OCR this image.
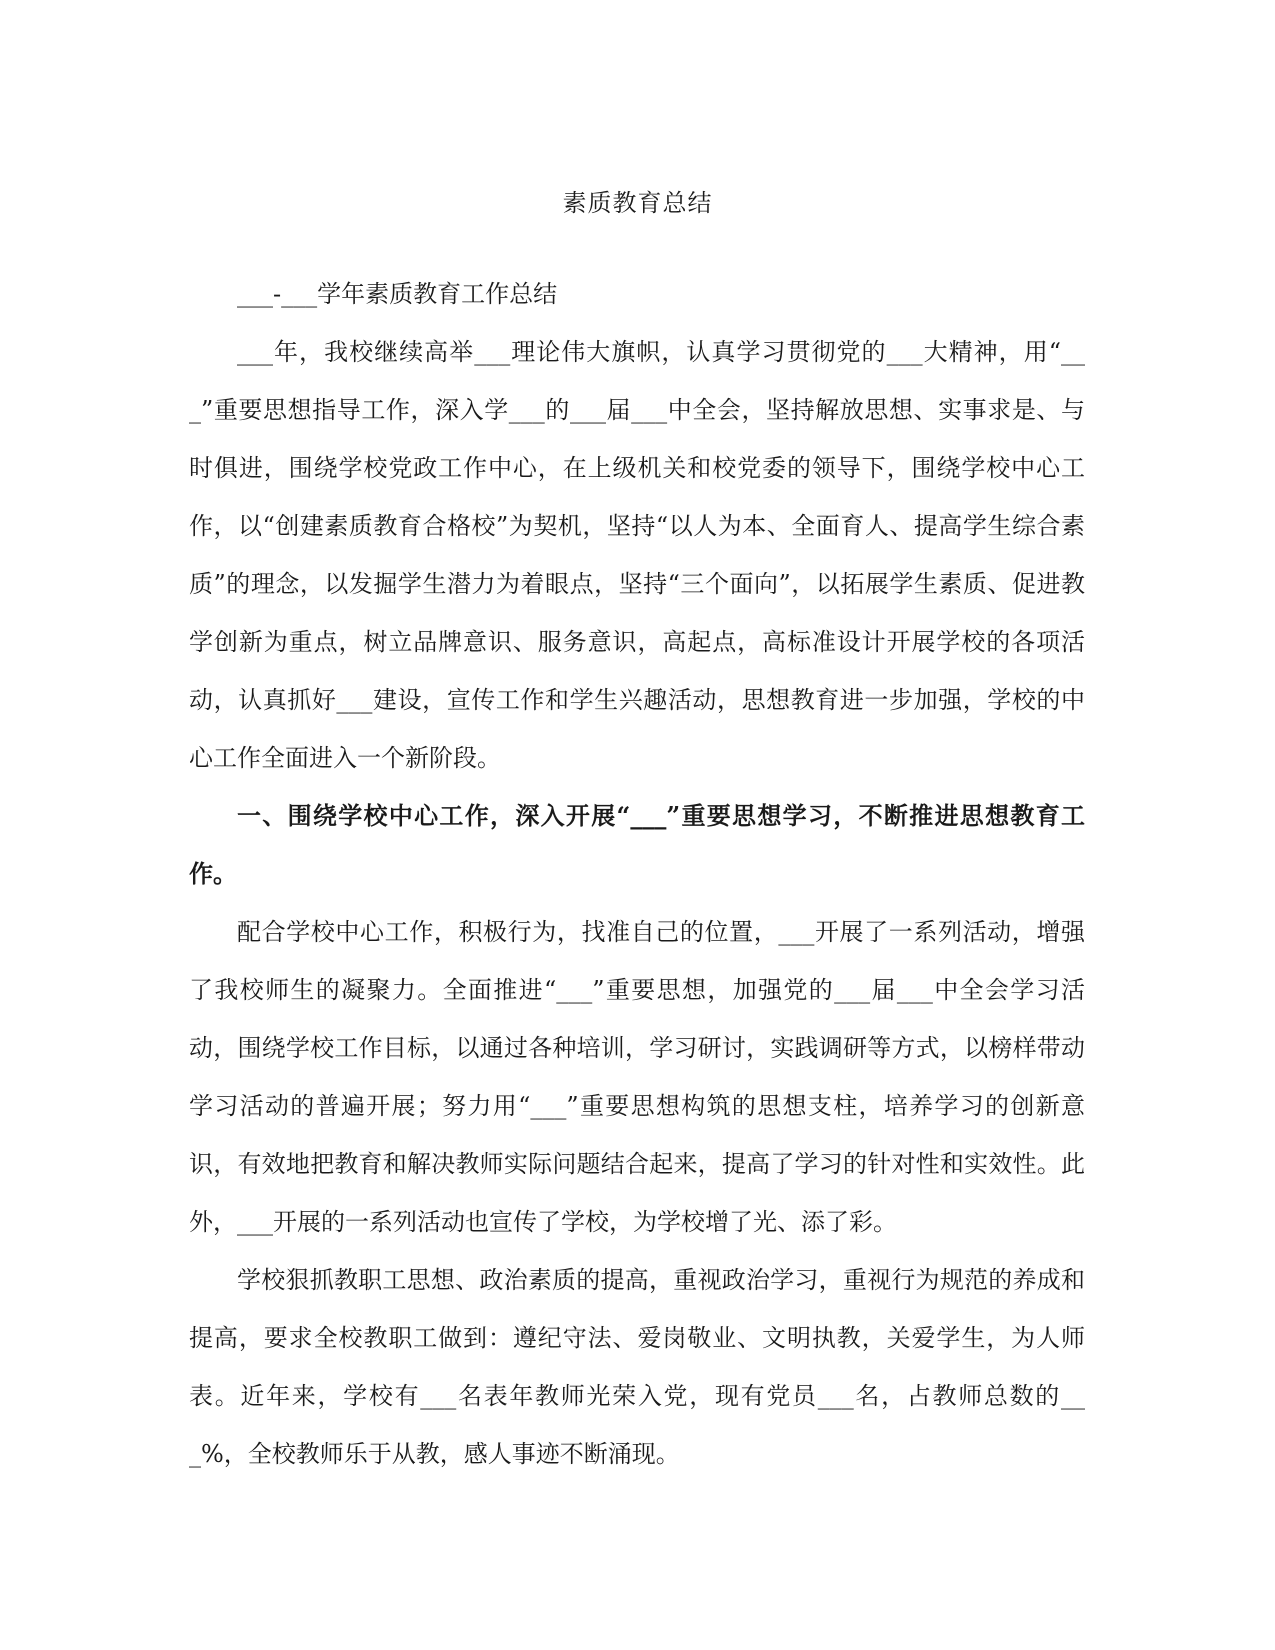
素质教育总结

___-___学年素质教育工作总结

___年，我校继续高举___理论伟大旗帜，认真学习贯彻党的___大精神，用“___”重要思想指导工作，深入学___的___届___中全会，坚持解放思想、实事求是、与时俱进，围绕学校党政工作中心，在上级机关和校党委的领导下，围绕学校中心工作，以“创建素质教育合格校”为契机，坚持“以人为本、全面育人、提高学生综合素质”的理念，以发掘学生潜力为着眼点，坚持“三个面向”，以拓展学生素质、促进教学创新为重点，树立品牌意识、服务意识，高起点，高标准设计开展学校的各项活动，认真抓好___建设，宣传工作和学生兴趣活动，思想教育进一步加强，学校的中心工作全面进入一个新阶段。

一、围绕学校中心工作，深入开展“___”重要思想学习，不断推进思想教育工作。

配合学校中心工作，积极行为，找准自己的位置，___开展了一系列活动，增强了我校师生的凝聚力。全面推进“___”重要思想，加强党的___届___中全会学习活动，围绕学校工作目标，以通过各种培训，学习研讨，实践调研等方式，以榜样带动学习活动的普遍开展；努力用“___”重要思想构筑的思想支柱，培养学习的创新意识，有效地把教育和解决教师实际问题结合起来，提高了学习的针对性和实效性。此外，___开展的一系列活动也宣传了学校，为学校增了光、添了彩。

学校狠抓教职工思想、政治素质的提高，重视政治学习，重视行为规范的养成和提高，要求全校教职工做到：遵纪守法、爱岗敬业、文明执教，关爱学生，为人师表。近年来，学校有___名表年教师光荣入党，现有党员___名，占教师总数的___%，全校教师乐于从教，感人事迹不断涌现。
